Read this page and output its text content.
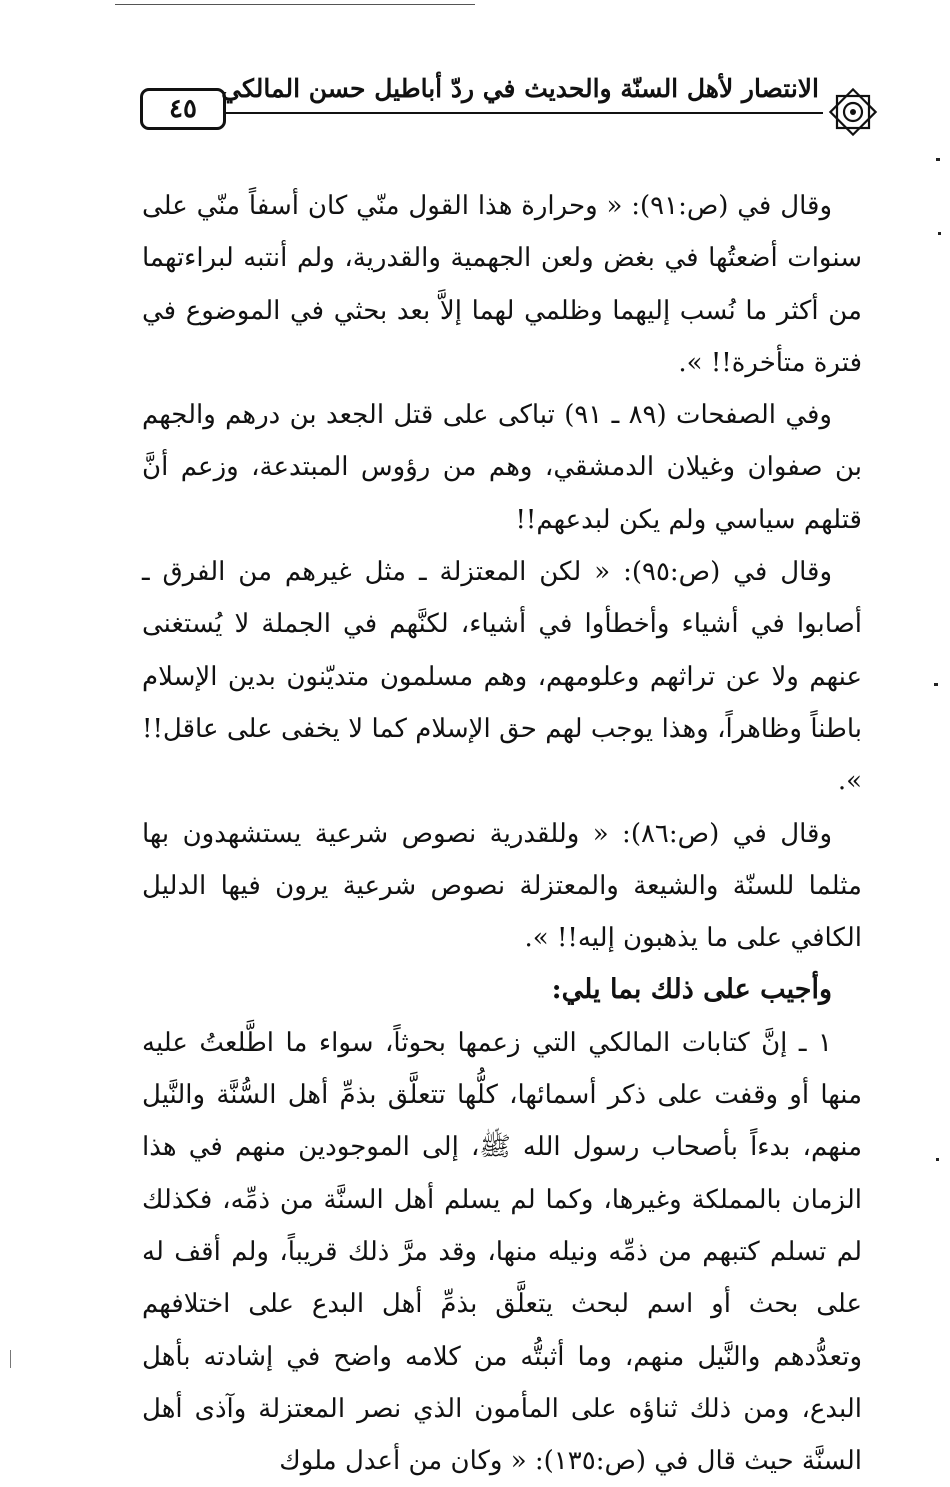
٤٥
الانتصار لأهل السنّة والحديث في ردّ أباطيل حسن المالكي

وقال في (ص:٩١): « وحرارة هذا القول منّي كان أسفاً منّي على سنوات أضعتُها في بغض ولعن الجهمية والقدرية، ولم أنتبه لبراءتهما من أكثر ما نُسب إليهما وظلمي لهما إلاَّ بعد بحثي في الموضوع في فترة متأخرة!! ».

وفي الصفحات (٨٩ ـ ٩١) تباكى على قتل الجعد بن درهم والجهم بن صفوان وغيلان الدمشقي، وهم من رؤوس المبتدعة، وزعم أنَّ قتلهم سياسي ولم يكن لبدعهم!!

وقال في (ص:٩٥): « لكن المعتزلة ـ مثل غيرهم من الفرق ـ أصابوا في أشياء وأخطأوا في أشياء، لكنَّهم في الجملة لا يُستغنى عنهم ولا عن تراثهم وعلومهم، وهم مسلمون متديّنون بدين الإسلام باطناً وظاهراً، وهذا يوجب لهم حق الإسلام كما لا يخفى على عاقل!! ».

وقال في (ص:٨٦): « وللقدرية نصوص شرعية يستشهدون بها مثلما للسنّة والشيعة والمعتزلة نصوص شرعية يرون فيها الدليل الكافي على ما يذهبون إليه!! ».

وأجيب على ذلك بما يلي:

١ ـ إنَّ كتابات المالكي التي زعمها بحوثاً، سواء ما اطَّلعتُ عليه منها أو وقفت على ذكر أسمائها، كلُّها تتعلَّق بذمِّ أهل السُّنَّة والنَّيل منهم، بدءاً بأصحاب رسول الله ﷺ، إلى الموجودين منهم في هذا الزمان بالمملكة وغيرها، وكما لم يسلم أهل السنَّة من ذمِّه، فكذلك لم تسلم كتبهم من ذمِّه ونيله منها، وقد مرَّ ذلك قريباً، ولم أقف له على بحث أو اسم لبحث يتعلَّق بذمِّ أهل البدع على اختلافهم وتعدُّدهم والنَّيل منهم، وما أثبتُّه من كلامه واضح في إشادته بأهل البدع، ومن ذلك ثناؤه على المأمون الذي نصر المعتزلة وآذى أهل السنَّة حيث قال في (ص:١٣٥): « وكان من أعدل ملوك
